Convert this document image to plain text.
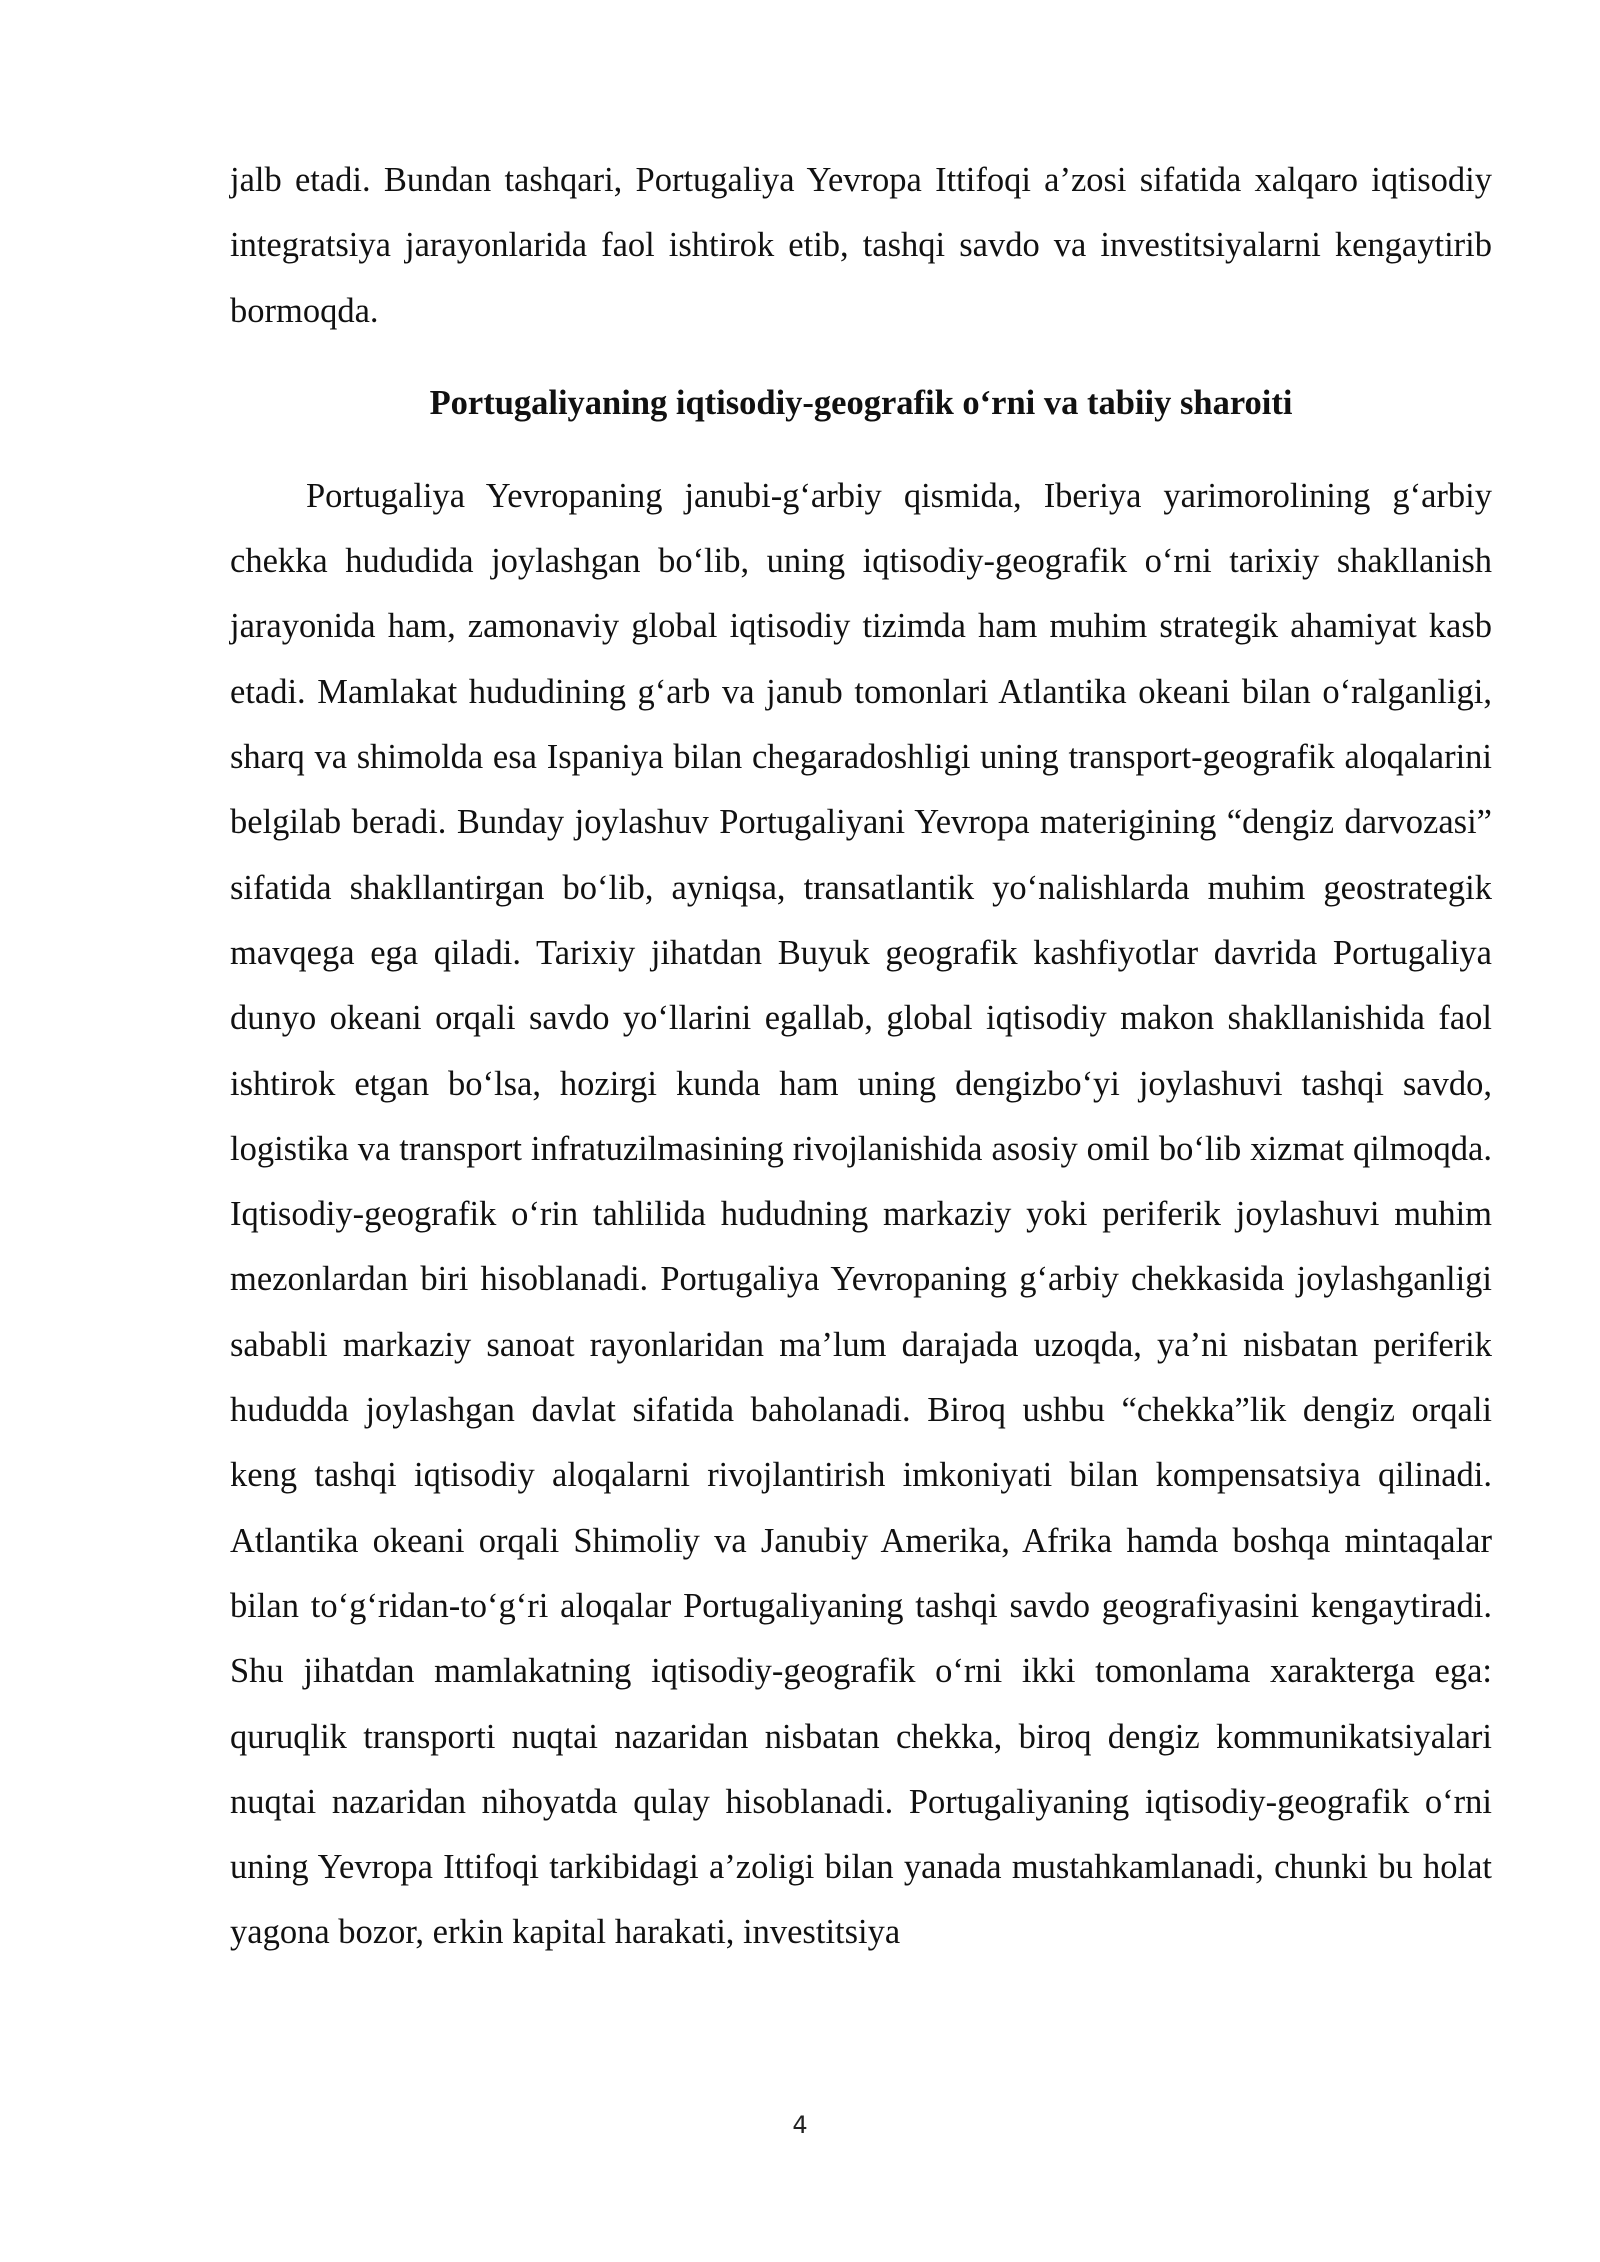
jalb etadi. Bundan tashqari, Portugaliya Yevropa Ittifoqi a’zosi sifatida xalqaro iqtisodiy integratsiya jarayonlarida faol ishtirok etib, tashqi savdo va investitsiyalarni kengaytirib bormoqda.

Portugaliyaning iqtisodiy-geografik o‘rni va tabiiy sharoiti

Portugaliya Yevropaning janubi-g‘arbiy qismida, Iberiya yarimorolining g‘arbiy chekka hududida joylashgan bo‘lib, uning iqtisodiy-geografik o‘rni tarixiy shakllanish jarayonida ham, zamonaviy global iqtisodiy tizimda ham muhim strategik ahamiyat kasb etadi. Mamlakat hududining g‘arb va janub tomonlari Atlantika okeani bilan o‘ralganligi, sharq va shimolda esa Ispaniya bilan chegaradoshligi uning transport-geografik aloqalarini belgilab beradi. Bunday joylashuv Portugaliyani Yevropa materigining “dengiz darvozasi” sifatida shakllantirgan bo‘lib, ayniqsa, transatlantik yo‘nalishlarda muhim geostrategik mavqega ega qiladi. Tarixiy jihatdan Buyuk geografik kashfiyotlar davrida Portugaliya dunyo okeani orqali savdo yo‘llarini egallab, global iqtisodiy makon shakllanishida faol ishtirok etgan bo‘lsa, hozirgi kunda ham uning dengizbo‘yi joylashuvi tashqi savdo, logistika va transport infratuzilmasining rivojlanishida asosiy omil bo‘lib xizmat qilmoqda. Iqtisodiy-geografik o‘rin tahlilida hududning markaziy yoki periferik joylashuvi muhim mezonlardan biri hisoblanadi. Portugaliya Yevropaning g‘arbiy chekkasida joylashganligi sababli markaziy sanoat rayonlaridan ma’lum darajada uzoqda, ya’ni nisbatan periferik hududda joylashgan davlat sifatida baholanadi. Biroq ushbu “chekka”lik dengiz orqali keng tashqi iqtisodiy aloqalarni rivojlantirish imkoniyati bilan kompensatsiya qilinadi. Atlantika okeani orqali Shimoliy va Janubiy Amerika, Afrika hamda boshqa mintaqalar bilan to‘g‘ridan-to‘g‘ri aloqalar Portugaliyaning tashqi savdo geografiyasini kengaytiradi. Shu jihatdan mamlakatning iqtisodiy-geografik o‘rni ikki tomonlama xarakterga ega: quruqlik transporti nuqtai nazaridan nisbatan chekka, biroq dengiz kommunikatsiyalari nuqtai nazaridan nihoyatda qulay hisoblanadi. Portugaliyaning iqtisodiy-geografik o‘rni uning Yevropa Ittifoqi tarkibidagi a’zoligi bilan yanada mustahkamlanadi, chunki bu holat yagona bozor, erkin kapital harakati, investitsiya

4
